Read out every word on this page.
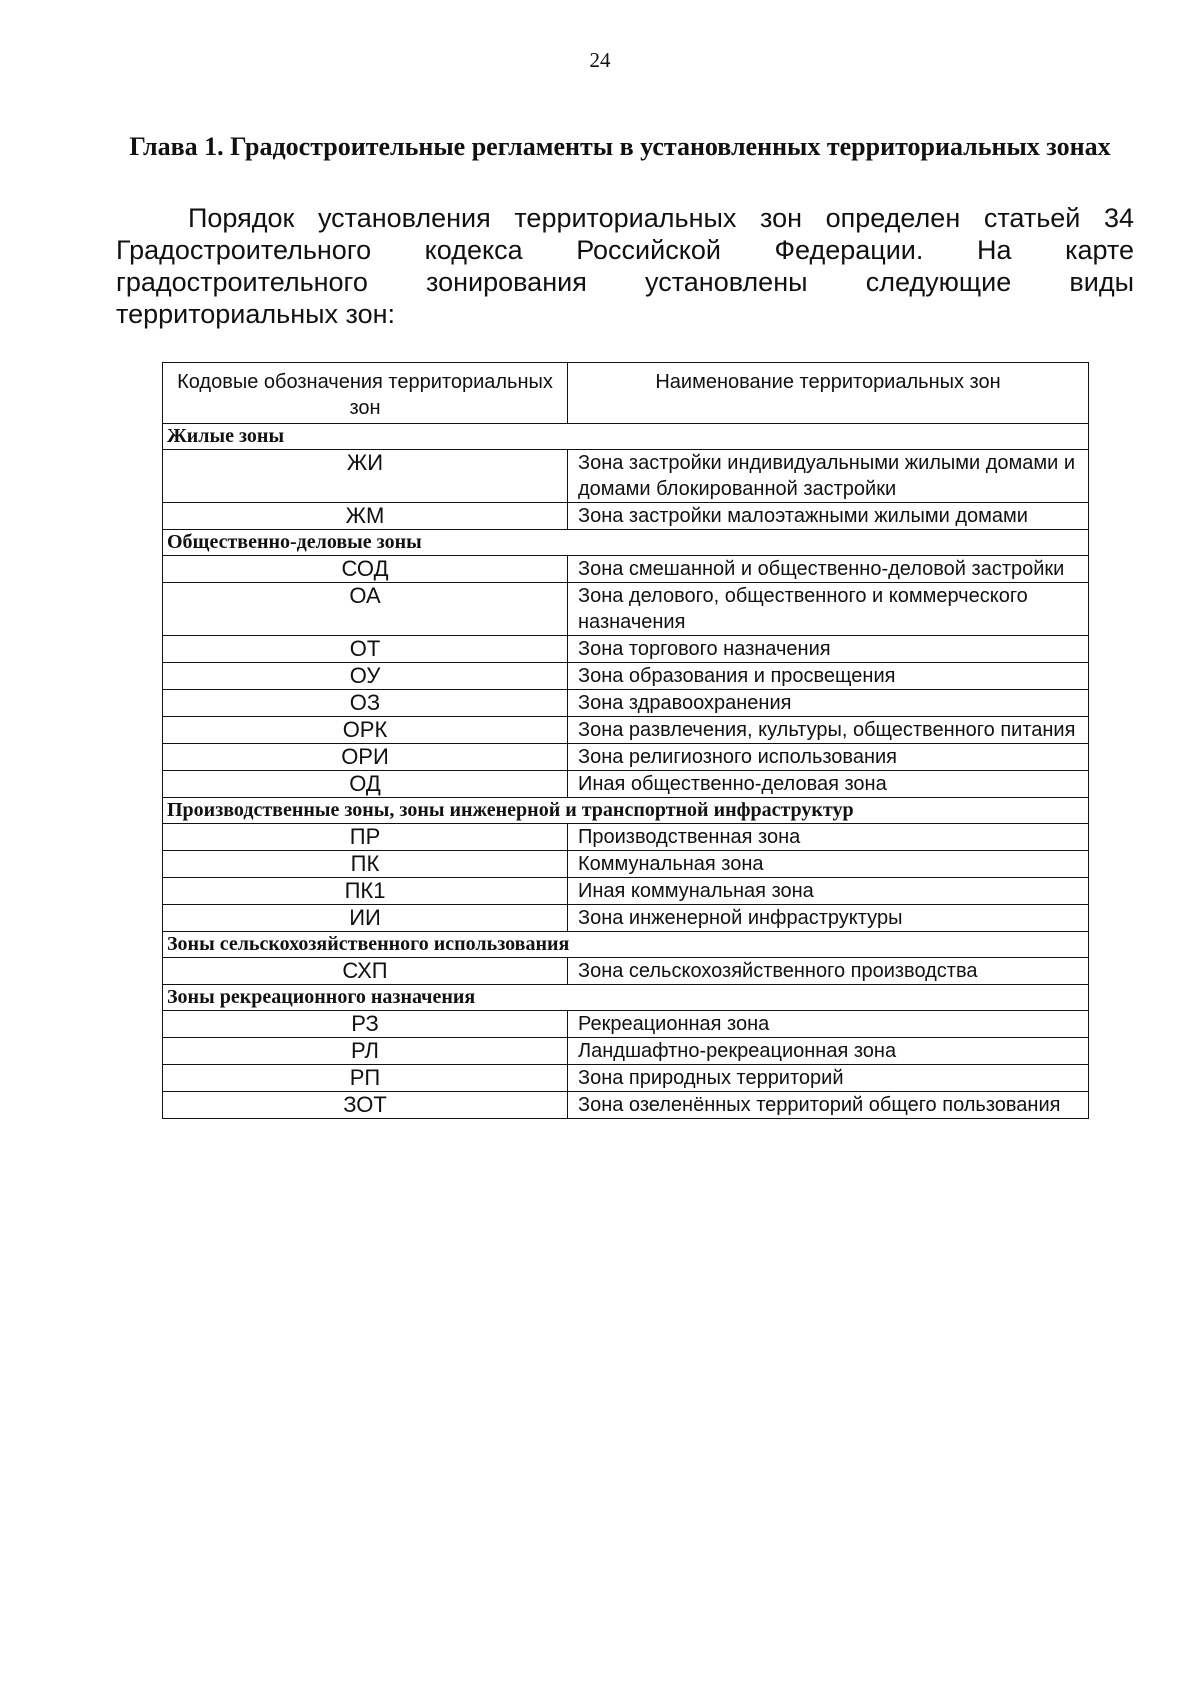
24
Глава 1. Градостроительные регламенты в установленных территориальных зонах

Порядок установления территориальных зон определен статьей 34 Градостроительного кодекса Российской Федерации. На карте градостроительного зонирования установлены следующие виды территориальных зон:

Кодовые обозначения территориальных зон	Наименование территориальных зон
Жилые зоны	
ЖИ	Зона застройки индивидуальными жилыми домами и домами блокированной застройки
ЖМ	Зона застройки малоэтажными жилыми домами
Общественно-деловые зоны	
СОД	Зона смешанной и общественно-деловой застройки
ОА	Зона делового, общественного и коммерческого назначения
ОТ	Зона торгового назначения
ОУ	Зона образования и просвещения
ОЗ	Зона здравоохранения
ОРК	Зона развлечения, культуры, общественного питания
ОРИ	Зона религиозного использования
ОД	Иная общественно-деловая зона
Производственные зоны, зоны инженерной и транспортной инфраструктур	
ПР	Производственная зона
ПК	Коммунальная зона
ПК1	Иная коммунальная зона
ИИ	Зона инженерной инфраструктуры
Зоны сельскохозяйственного использования	
СХП	Зона сельскохозяйственного производства
Зоны рекреационного назначения	
РЗ	Рекреационная зона
РЛ	Ландшафтно-рекреационная зона
РП	Зона природных территорий
ЗОТ	Зона озеленённых территорий общего пользования
